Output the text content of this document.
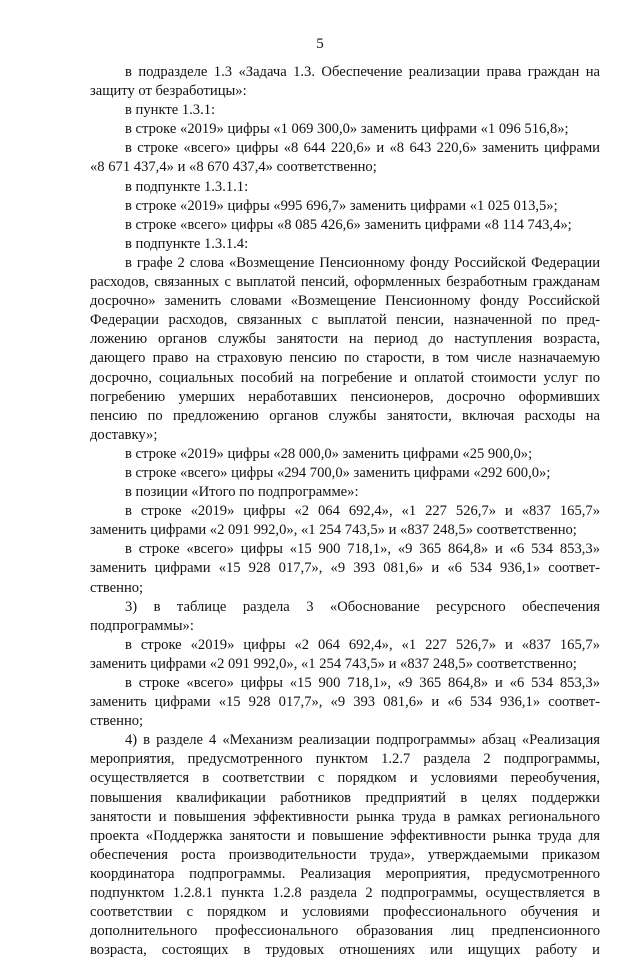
5
в подразделе 1.3 «Задача 1.3. Обеспечение реализации права граждан на
защиту от безработицы»:
в пункте 1.3.1:
в строке «2019» цифры «1 069 300,0» заменить цифрами «1 096 516,8»;
в строке «всего» цифры «8 644 220,6» и «8 643 220,6» заменить цифрами
«8 671 437,4» и «8 670 437,4» соответственно;
в подпункте 1.3.1.1:
в строке «2019» цифры «995 696,7» заменить цифрами «1 025 013,5»;
в строке «всего» цифры «8 085 426,6» заменить цифрами «8 114 743,4»;
в подпункте 1.3.1.4:
в графе 2 слова «Возмещение Пенсионному фонду Российской Федерации
расходов, связанных с выплатой пенсий, оформленных безработным гражданам
досрочно» заменить словами «Возмещение Пенсионному фонду Российской
Федерации расходов, связанных с выплатой пенсии, назначенной по пред-
ложению органов службы занятости на период до наступления возраста,
дающего право на страховую пенсию по старости, в том числе назначаемую
досрочно, социальных пособий на погребение и оплатой стоимости услуг по
погребению умерших неработавших пенсионеров, досрочно оформивших
пенсию по предложению органов службы занятости, включая расходы на
доставку»;
в строке «2019» цифры «28 000,0» заменить цифрами «25 900,0»;
в строке «всего» цифры «294 700,0» заменить цифрами «292 600,0»;
в позиции «Итого по подпрограмме»:
в строке «2019» цифры «2 064 692,4», «1 227 526,7» и «837 165,7»
заменить цифрами «2 091 992,0», «1 254 743,5» и «837 248,5» соответственно;
в строке «всего» цифры «15 900 718,1», «9 365 864,8» и «6 534 853,3»
заменить цифрами «15 928 017,7», «9 393 081,6» и «6 534 936,1» соответ-
ственно;
3) в таблице раздела 3 «Обоснование ресурсного обеспечения
подпрограммы»:
в строке «2019» цифры «2 064 692,4», «1 227 526,7» и «837 165,7»
заменить цифрами «2 091 992,0», «1 254 743,5» и «837 248,5» соответственно;
в строке «всего» цифры «15 900 718,1», «9 365 864,8» и «6 534 853,3»
заменить цифрами «15 928 017,7», «9 393 081,6» и «6 534 936,1» соответ-
ственно;
4) в разделе 4 «Механизм реализации подпрограммы» абзац «Реализация
мероприятия, предусмотренного пунктом 1.2.7 раздела 2 подпрограммы,
осуществляется в соответствии с порядком и условиями переобучения,
повышения квалификации работников предприятий в целях поддержки
занятости и повышения эффективности рынка труда в рамках регионального
проекта «Поддержка занятости и повышение эффективности рынка труда для
обеспечения роста производительности труда», утверждаемыми приказом
координатора подпрограммы. Реализация мероприятия, предусмотренного
подпунктом 1.2.8.1 пункта 1.2.8 раздела 2 подпрограммы, осуществляется в
соответствии с порядком и условиями профессионального обучения и
дополнительного профессионального образования лиц предпенсионного
возраста, состоящих в трудовых отношениях или ищущих работу и
